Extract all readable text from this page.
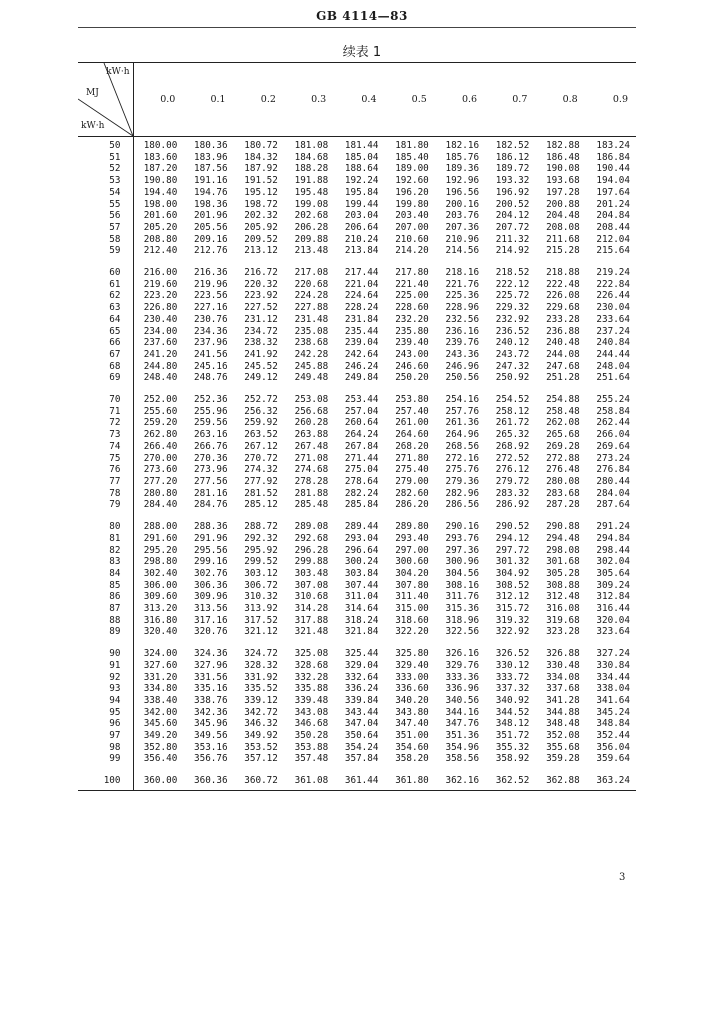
GB 4114—83
续表 1
kW·h
MJ
kW·h	0.0	0.1	0.2	0.3	0.4	0.5	0.6	0.7	0.8	0.9
50	180.00	180.36	180.72	181.08	181.44	181.80	182.16	182.52	182.88	183.24
51	183.60	183.96	184.32	184.68	185.04	185.40	185.76	186.12	186.48	186.84
52	187.20	187.56	187.92	188.28	188.64	189.00	189.36	189.72	190.08	190.44
53	190.80	191.16	191.52	191.88	192.24	192.60	192.96	193.32	193.68	194.04
54	194.40	194.76	195.12	195.48	195.84	196.20	196.56	196.92	197.28	197.64
55	198.00	198.36	198.72	199.08	199.44	199.80	200.16	200.52	200.88	201.24
56	201.60	201.96	202.32	202.68	203.04	203.40	203.76	204.12	204.48	204.84
57	205.20	205.56	205.92	206.28	206.64	207.00	207.36	207.72	208.08	208.44
58	208.80	209.16	209.52	209.88	210.24	210.60	210.96	211.32	211.68	212.04
59	212.40	212.76	213.12	213.48	213.84	214.20	214.56	214.92	215.28	215.64
60	216.00	216.36	216.72	217.08	217.44	217.80	218.16	218.52	218.88	219.24
61	219.60	219.96	220.32	220.68	221.04	221.40	221.76	222.12	222.48	222.84
62	223.20	223.56	223.92	224.28	224.64	225.00	225.36	225.72	226.08	226.44
63	226.80	227.16	227.52	227.88	228.24	228.60	228.96	229.32	229.68	230.04
64	230.40	230.76	231.12	231.48	231.84	232.20	232.56	232.92	233.28	233.64
65	234.00	234.36	234.72	235.08	235.44	235.80	236.16	236.52	236.88	237.24
66	237.60	237.96	238.32	238.68	239.04	239.40	239.76	240.12	240.48	240.84
67	241.20	241.56	241.92	242.28	242.64	243.00	243.36	243.72	244.08	244.44
68	244.80	245.16	245.52	245.88	246.24	246.60	246.96	247.32	247.68	248.04
69	248.40	248.76	249.12	249.48	249.84	250.20	250.56	250.92	251.28	251.64
70	252.00	252.36	252.72	253.08	253.44	253.80	254.16	254.52	254.88	255.24
71	255.60	255.96	256.32	256.68	257.04	257.40	257.76	258.12	258.48	258.84
72	259.20	259.56	259.92	260.28	260.64	261.00	261.36	261.72	262.08	262.44
73	262.80	263.16	263.52	263.88	264.24	264.60	264.96	265.32	265.68	266.04
74	266.40	266.76	267.12	267.48	267.84	268.20	268.56	268.92	269.28	269.64
75	270.00	270.36	270.72	271.08	271.44	271.80	272.16	272.52	272.88	273.24
76	273.60	273.96	274.32	274.68	275.04	275.40	275.76	276.12	276.48	276.84
77	277.20	277.56	277.92	278.28	278.64	279.00	279.36	279.72	280.08	280.44
78	280.80	281.16	281.52	281.88	282.24	282.60	282.96	283.32	283.68	284.04
79	284.40	284.76	285.12	285.48	285.84	286.20	286.56	286.92	287.28	287.64
80	288.00	288.36	288.72	289.08	289.44	289.80	290.16	290.52	290.88	291.24
81	291.60	291.96	292.32	292.68	293.04	293.40	293.76	294.12	294.48	294.84
82	295.20	295.56	295.92	296.28	296.64	297.00	297.36	297.72	298.08	298.44
83	298.80	299.16	299.52	299.88	300.24	300.60	300.96	301.32	301.68	302.04
84	302.40	302.76	303.12	303.48	303.84	304.20	304.56	304.92	305.28	305.64
85	306.00	306.36	306.72	307.08	307.44	307.80	308.16	308.52	308.88	309.24
86	309.60	309.96	310.32	310.68	311.04	311.40	311.76	312.12	312.48	312.84
87	313.20	313.56	313.92	314.28	314.64	315.00	315.36	315.72	316.08	316.44
88	316.80	317.16	317.52	317.88	318.24	318.60	318.96	319.32	319.68	320.04
89	320.40	320.76	321.12	321.48	321.84	322.20	322.56	322.92	323.28	323.64
90	324.00	324.36	324.72	325.08	325.44	325.80	326.16	326.52	326.88	327.24
91	327.60	327.96	328.32	328.68	329.04	329.40	329.76	330.12	330.48	330.84
92	331.20	331.56	331.92	332.28	332.64	333.00	333.36	333.72	334.08	334.44
93	334.80	335.16	335.52	335.88	336.24	336.60	336.96	337.32	337.68	338.04
94	338.40	338.76	339.12	339.48	339.84	340.20	340.56	340.92	341.28	341.64
95	342.00	342.36	342.72	343.08	343.44	343.80	344.16	344.52	344.88	345.24
96	345.60	345.96	346.32	346.68	347.04	347.40	347.76	348.12	348.48	348.84
97	349.20	349.56	349.92	350.28	350.64	351.00	351.36	351.72	352.08	352.44
98	352.80	353.16	353.52	353.88	354.24	354.60	354.96	355.32	355.68	356.04
99	356.40	356.76	357.12	357.48	357.84	358.20	358.56	358.92	359.28	359.64
100	360.00	360.36	360.72	361.08	361.44	361.80	362.16	362.52	362.88	363.24
3
